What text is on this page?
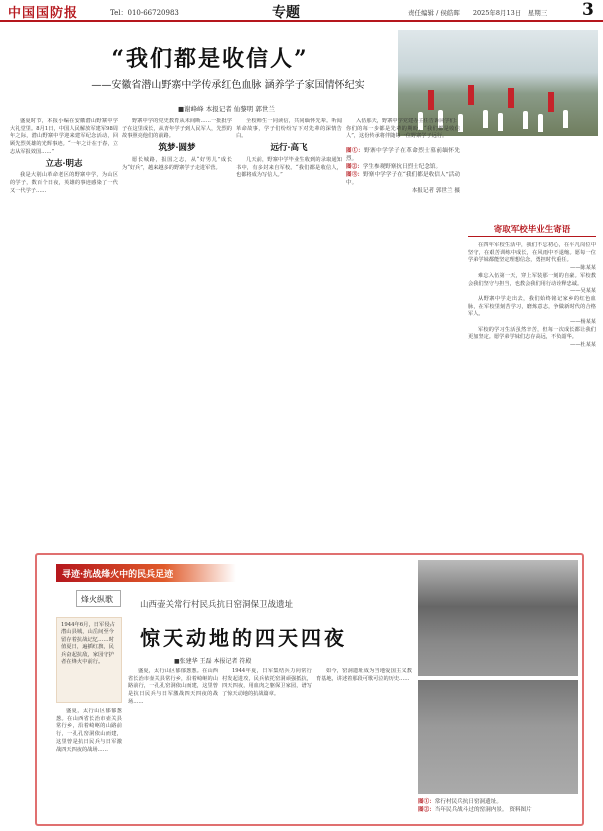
中国国防报	Tel：010-66720983	专题	责任编辑 / 侯皓晖　　 2025年8月13日　 星期三 3
“我们都是收信人”
——安徽省潜山野寨中学传承红色血脉 涵养学子家国情怀纪实
■谢峰峰 本报记者 仙黎明 郭世兰

盛夏时节，本报小编在安徽潜山野寨中学大礼堂里。8月1日，中国人民解放军建军98周年之际，潜山野寨中学迎来建军纪念活动，回顾先烈英雄的光辉事迹。“一年之计在于春，立志从军报效国……”

立志·明志

我是大别山革命老区的野寨中学，为山区的学子，数百个日夜，英雄的事迹感染了一代又一代学子……

野寨中学的党史教育从未间断……一批批学子在这里成长，从青年学子到人民军人，先烈的故事照亮他们的前路。

筑梦·圆梦

愿长城路，报国之志，从“好男儿”成长为“好兵”，越来越多的野寨学子走进军营。

全校师生一同读信，共同缅怀先辈。听闻革命故事，学子们纷纷写下对先辈的深情告白。

远行·高飞

几天前，野寨中学毕业生收到的录取通知书中，有多封来自军校。“我们都是收信人，也都将成为写信人。”

入伍那天，野寨中学党建办主任告诉同学们：你们的每一步都是先辈的期盼，“我们都是收信人”，这份传承将伴随每一位野寨学子远行。

图①：野寨中学学子在革命烈士墓前缅怀先烈。
图②：学生参观野寨抗日烈士纪念馆。
图③：野寨中学学子在“我们都是收信人”活动中。
本报记者 郭世兰 摄
寄取军校毕业生寄语

在四年军校生活中，我们不忘初心，在平凡岗位中坚守，在艰苦训练中成长，在风雨中不退缩。愿每一位学弟学妹都能坚定理想信念，勇担时代重任。

——陈某某

难忘入伍第一天，穿上军装那一刻的自豪。军校教会我们坚守与担当，也教会我们用行动诠释忠诚。

——吴某某

从野寨中学走出去，我们始终铭记家乡的红色血脉，在军校里刻苦学习，磨炼意志，争做新时代的合格军人。

——杨某某

军校的学习生活虽然辛苦，但每一次成长都让我们更加坚定。愿学弟学妹们志存高远，不负韶华。

——杜某某
寻迹·抗战烽火中的民兵足迹
烽火纵歌
1944年6月，日军侵占潜山县城，山岳间至今留存着抗战记忆……时值夏日，遍插红旗，民兵奋起抗敌，家园守护者在烽火中前行。
山西壶关常行村民兵抗日窑洞保卫战遗址
惊天动地的四天四夜
■张建华 王磊 本报记者 符殿

盛夏，太行山区郁郁葱葱。在山西省长治市壶关县常行乡，沿着崎岖的山路前行，一孔孔窑洞依山而建，这里曾是抗日民兵与日军激战四天四夜的战场……

1944年夏，日军集结兵力向常行村发起进攻，民兵依托窑洞顽强抵抗，四天四夜，用血肉之躯保卫家园，谱写了惊天动地的抗战篇章。

如今，窑洞遗址成为当地爱国主义教育基地，讲述着那段可歌可泣的历史……

盛夏，太行山区郁郁葱葱。在山西省长治市壶关县常行乡，沿着崎岖的山路前行，一孔孔窑洞依山而建，这里曾是抗日民兵与日军激战四天四夜的战场……

图①：常行村民兵抗日窑洞遗址。
图②：当年民兵战斗过的窑洞内景。 资料图片
